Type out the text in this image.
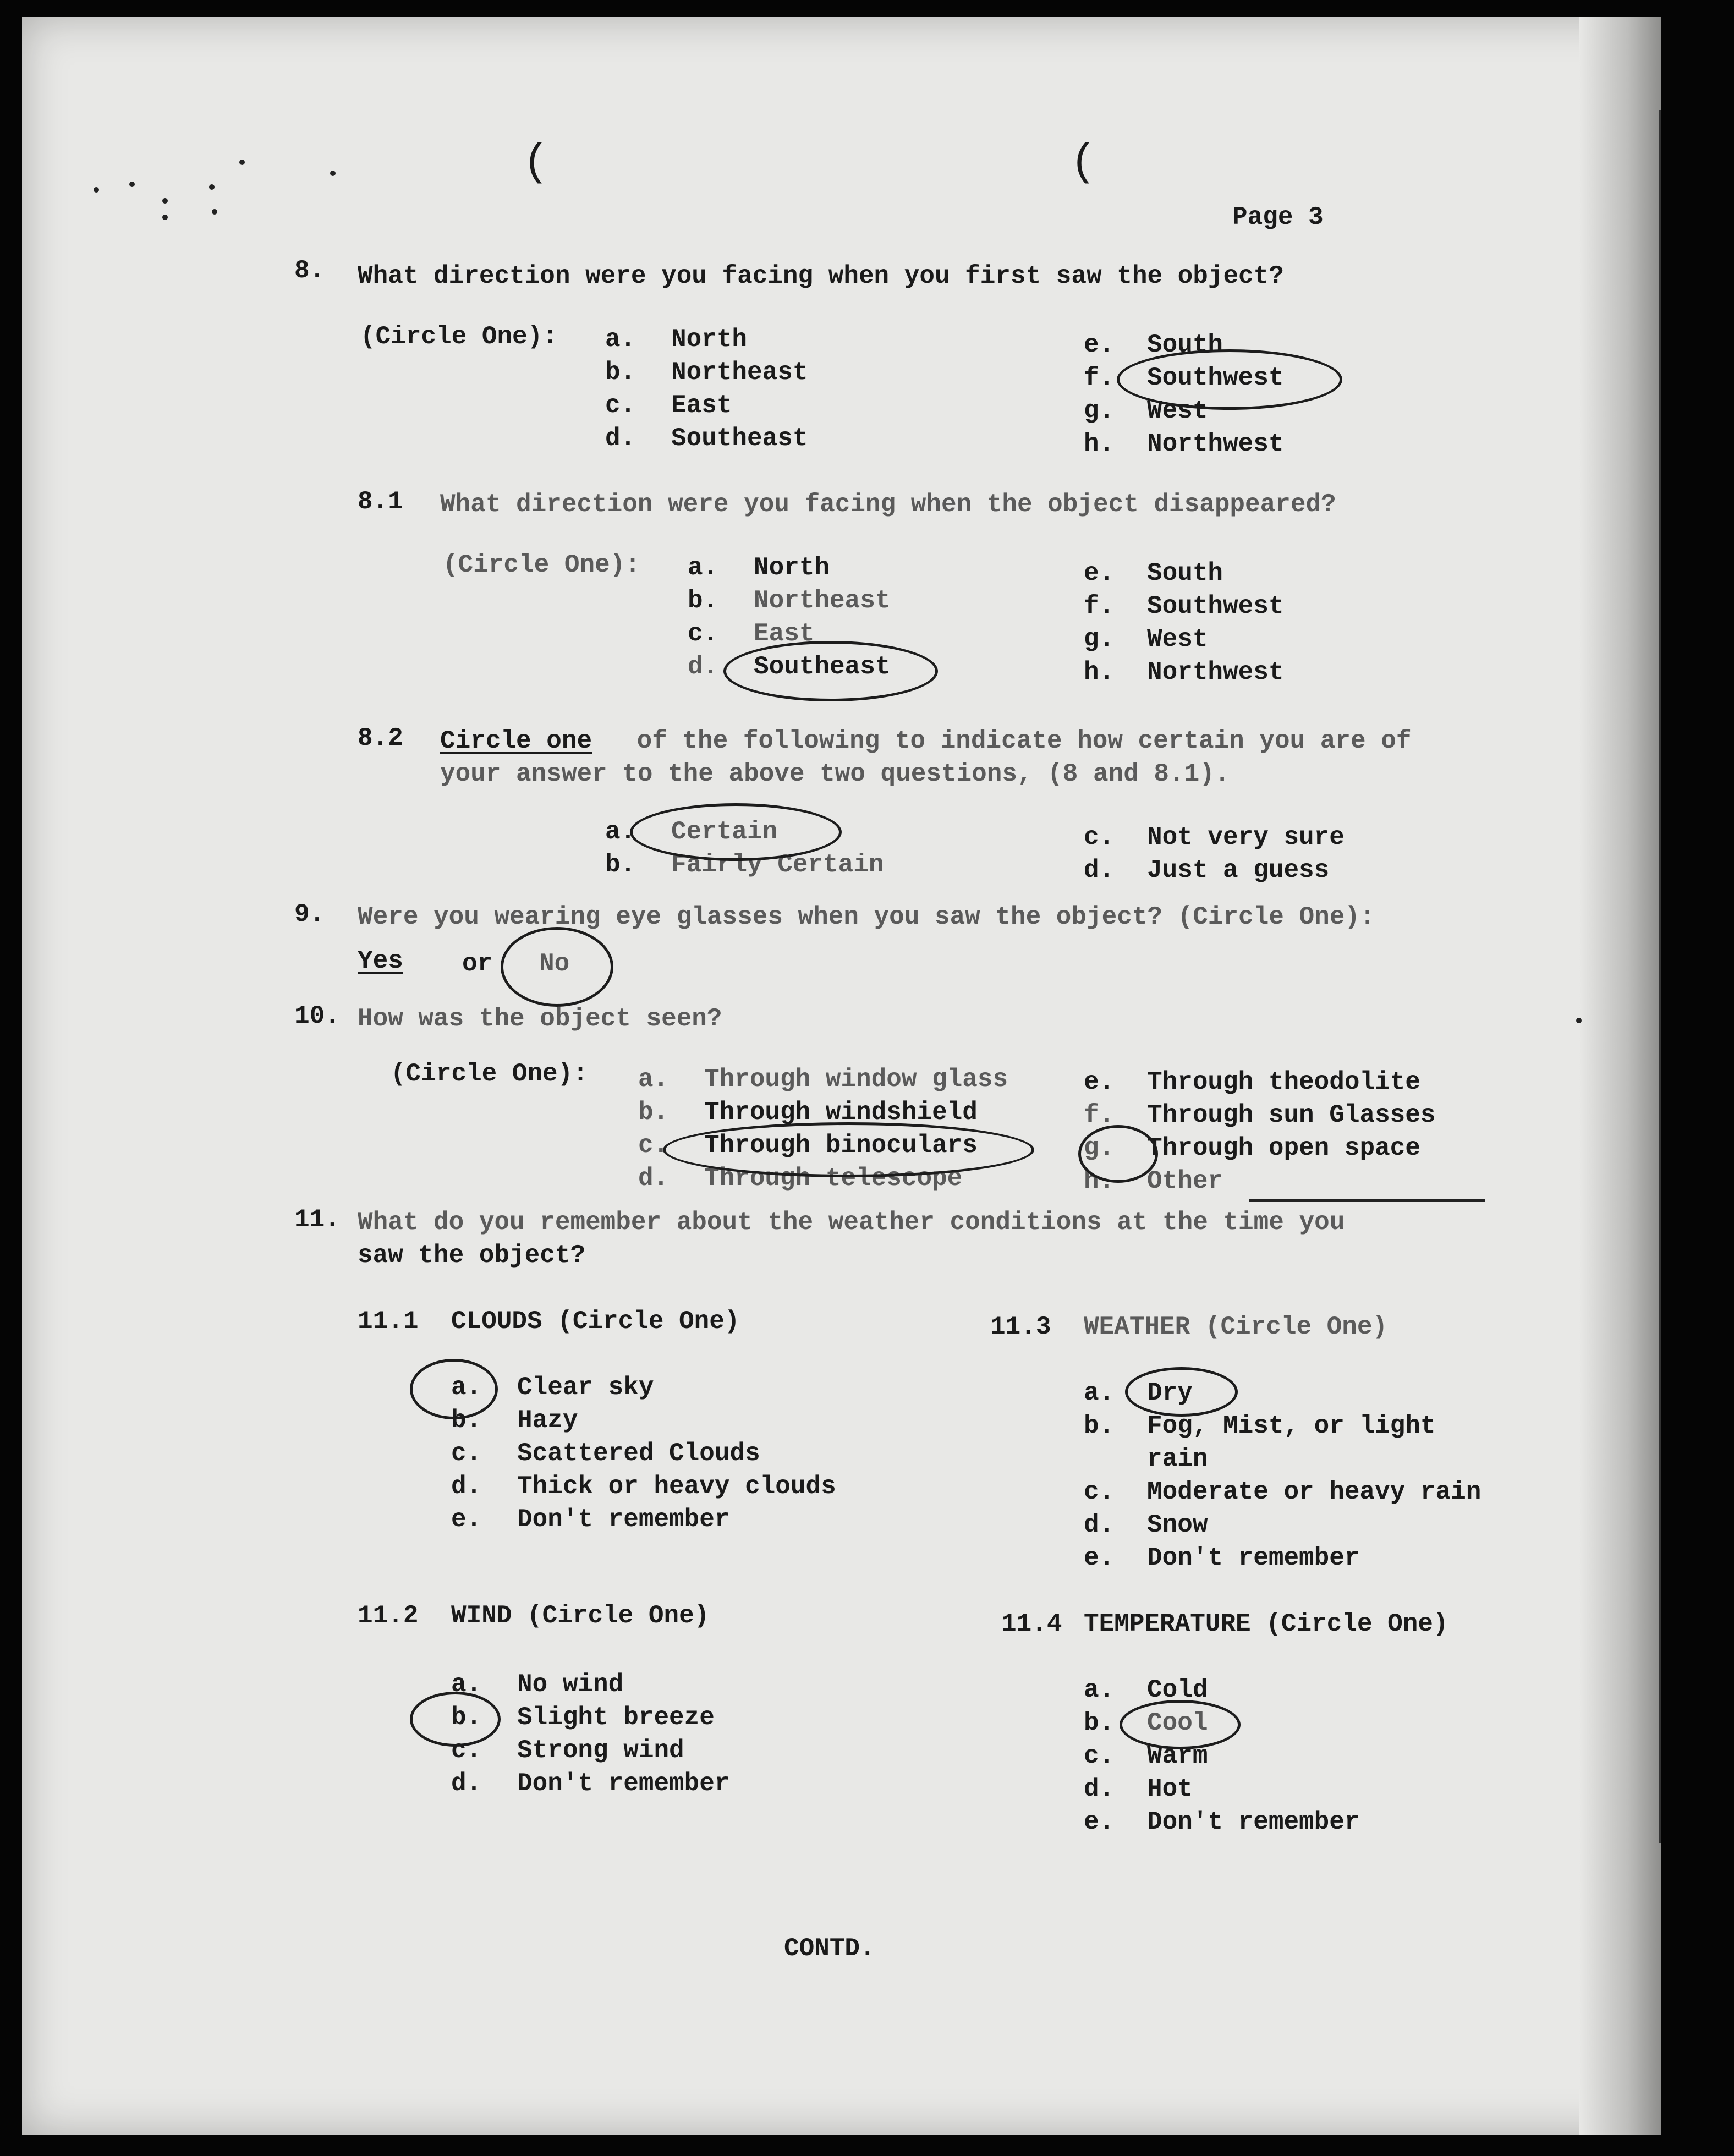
(	(
Page 3
8. What direction were you facing when you first saw the object?
(Circle One): a. North
b. Northeast
c. East
d. Southeast
e. South
f. Southwest
g. West
h. Northwest
8.1 What direction were you facing when the object disappeared?
(Circle One): a. North
b. Northeast
c. East
d. Southeast
e. South
f. Southwest
g. West
h. Northwest
8.2 Circle one of the following to indicate how certain you are of
your answer to the above two questions, (8 and 8.1).
a. Certain
b. Fairly Certain
c. Not very sure
d. Just a guess
9. Were you wearing eye glasses when you saw the object? (Circle One):
Yes or No
10. How was the object seen?
(Circle One): a. Through window glass
b. Through windshield
c. Through binoculars
d. Through telescope
e. Through theodolite
f. Through sun Glasses
g. Through open space
h. Other
11. What do you remember about the weather conditions at the time you
saw the object?
11.1 CLOUDS (Circle One)
a. Clear sky
b. Hazy
c. Scattered Clouds
d. Thick or heavy clouds
e. Don't remember
11.2 WIND (Circle One)
a. No wind
b. Slight breeze
c. Strong wind
d. Don't remember
11.3 WEATHER (Circle One)
a. Dry
b. Fog, Mist, or light
rain
c. Moderate or heavy rain
d. Snow
e. Don't remember
11.4 TEMPERATURE (Circle One)
a. Cold
b. Cool
c. Warm
d. Hot
e. Don't remember
CONTD.
